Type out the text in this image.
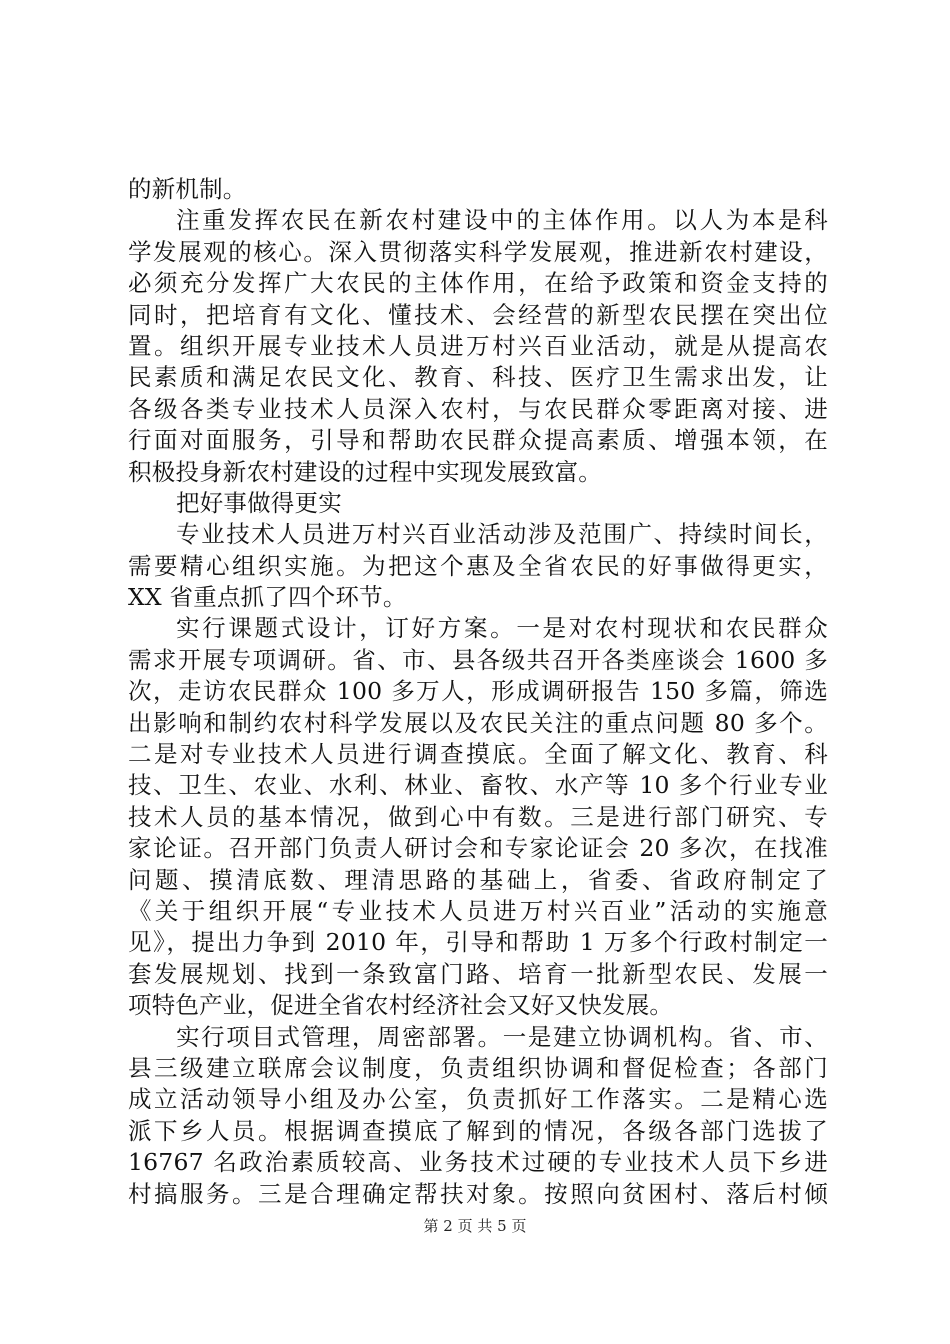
的新机制。
注重发挥农民在新农村建设中的主体作用。以人为本是科
学发展观的核心。深入贯彻落实科学发展观，推进新农村建设，
必须充分发挥广大农民的主体作用，在给予政策和资金支持的
同时，把培育有文化、懂技术、会经营的新型农民摆在突出位
置。组织开展专业技术人员进万村兴百业活动，就是从提高农
民素质和满足农民文化、教育、科技、医疗卫生需求出发，让
各级各类专业技术人员深入农村，与农民群众零距离对接、进
行面对面服务，引导和帮助农民群众提高素质、增强本领，在
积极投身新农村建设的过程中实现发展致富。
把好事做得更实
专业技术人员进万村兴百业活动涉及范围广、持续时间长，
需要精心组织实施。为把这个惠及全省农民的好事做得更实，
XX 省重点抓了四个环节。
实行课题式设计，订好方案。一是对农村现状和农民群众
需求开展专项调研。省、市、县各级共召开各类座谈会 1600 多
次，走访农民群众 100 多万人，形成调研报告 150 多篇，筛选
出影响和制约农村科学发展以及农民关注的重点问题 80 多个。
二是对专业技术人员进行调查摸底。全面了解文化、教育、科
技、卫生、农业、水利、林业、畜牧、水产等 10 多个行业专业
技术人员的基本情况，做到心中有数。三是进行部门研究、专
家论证。召开部门负责人研讨会和专家论证会 20 多次，在找准
问题、摸清底数、理清思路的基础上，省委、省政府制定了
《关于组织开展“专业技术人员进万村兴百业”活动的实施意
见》，提出力争到 2010 年，引导和帮助 1 万多个行政村制定一
套发展规划、找到一条致富门路、培育一批新型农民、发展一
项特色产业，促进全省农村经济社会又好又快发展。
实行项目式管理，周密部署。一是建立协调机构。省、市、
县三级建立联席会议制度，负责组织协调和督促检查；各部门
成立活动领导小组及办公室，负责抓好工作落实。二是精心选
派下乡人员。根据调查摸底了解到的情况，各级各部门选拔了
16767 名政治素质较高、业务技术过硬的专业技术人员下乡进
村搞服务。三是合理确定帮扶对象。按照向贫困村、落后村倾
第 2 页 共 5 页
